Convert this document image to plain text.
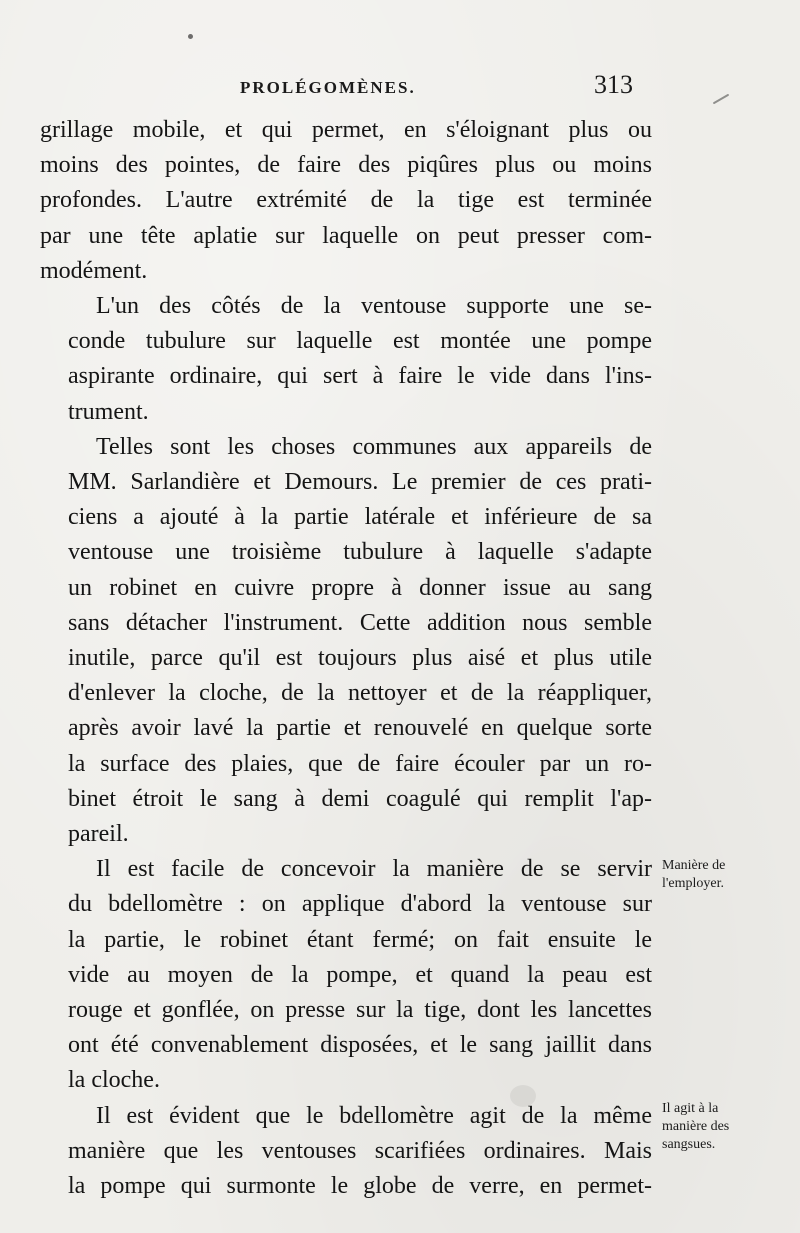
PROLÉGOMÈNES.	313

grillage mobile, et qui permet, en s'éloignant plus ou
moins des pointes, de faire des piqûres plus ou moins
profondes. L'autre extrémité de la tige est terminée
par une tête aplatie sur laquelle on peut presser com-
modément.

L'un des côtés de la ventouse supporte une se-
conde tubulure sur laquelle est montée une pompe
aspirante ordinaire, qui sert à faire le vide dans l'ins-
trument.

Telles sont les choses communes aux appareils de
MM. Sarlandière et Demours. Le premier de ces prati-
ciens a ajouté à la partie latérale et inférieure de sa
ventouse une troisième tubulure à laquelle s'adapte
un robinet en cuivre propre à donner issue au sang
sans détacher l'instrument. Cette addition nous semble
inutile, parce qu'il est toujours plus aisé et plus utile
d'enlever la cloche, de la nettoyer et de la réappliquer,
après avoir lavé la partie et renouvelé en quelque sorte
la surface des plaies, que de faire écouler par un ro-
binet étroit le sang à demi coagulé qui remplit l'ap-
pareil.

Il est facile de concevoir la manière de se servir
du bdellomètre : on applique d'abord la ventouse sur
la partie, le robinet étant fermé; on fait ensuite le
vide au moyen de la pompe, et quand la peau est
rouge et gonflée, on presse sur la tige, dont les lancettes
ont été convenablement disposées, et le sang jaillit dans
la cloche.

Il est évident que le bdellomètre agit de la même
manière que les ventouses scarifiées ordinaires. Mais
la pompe qui surmonte le globe de verre, en permet-

Manière de
l'employer.
Il agit à la
manière des
sangsues.
